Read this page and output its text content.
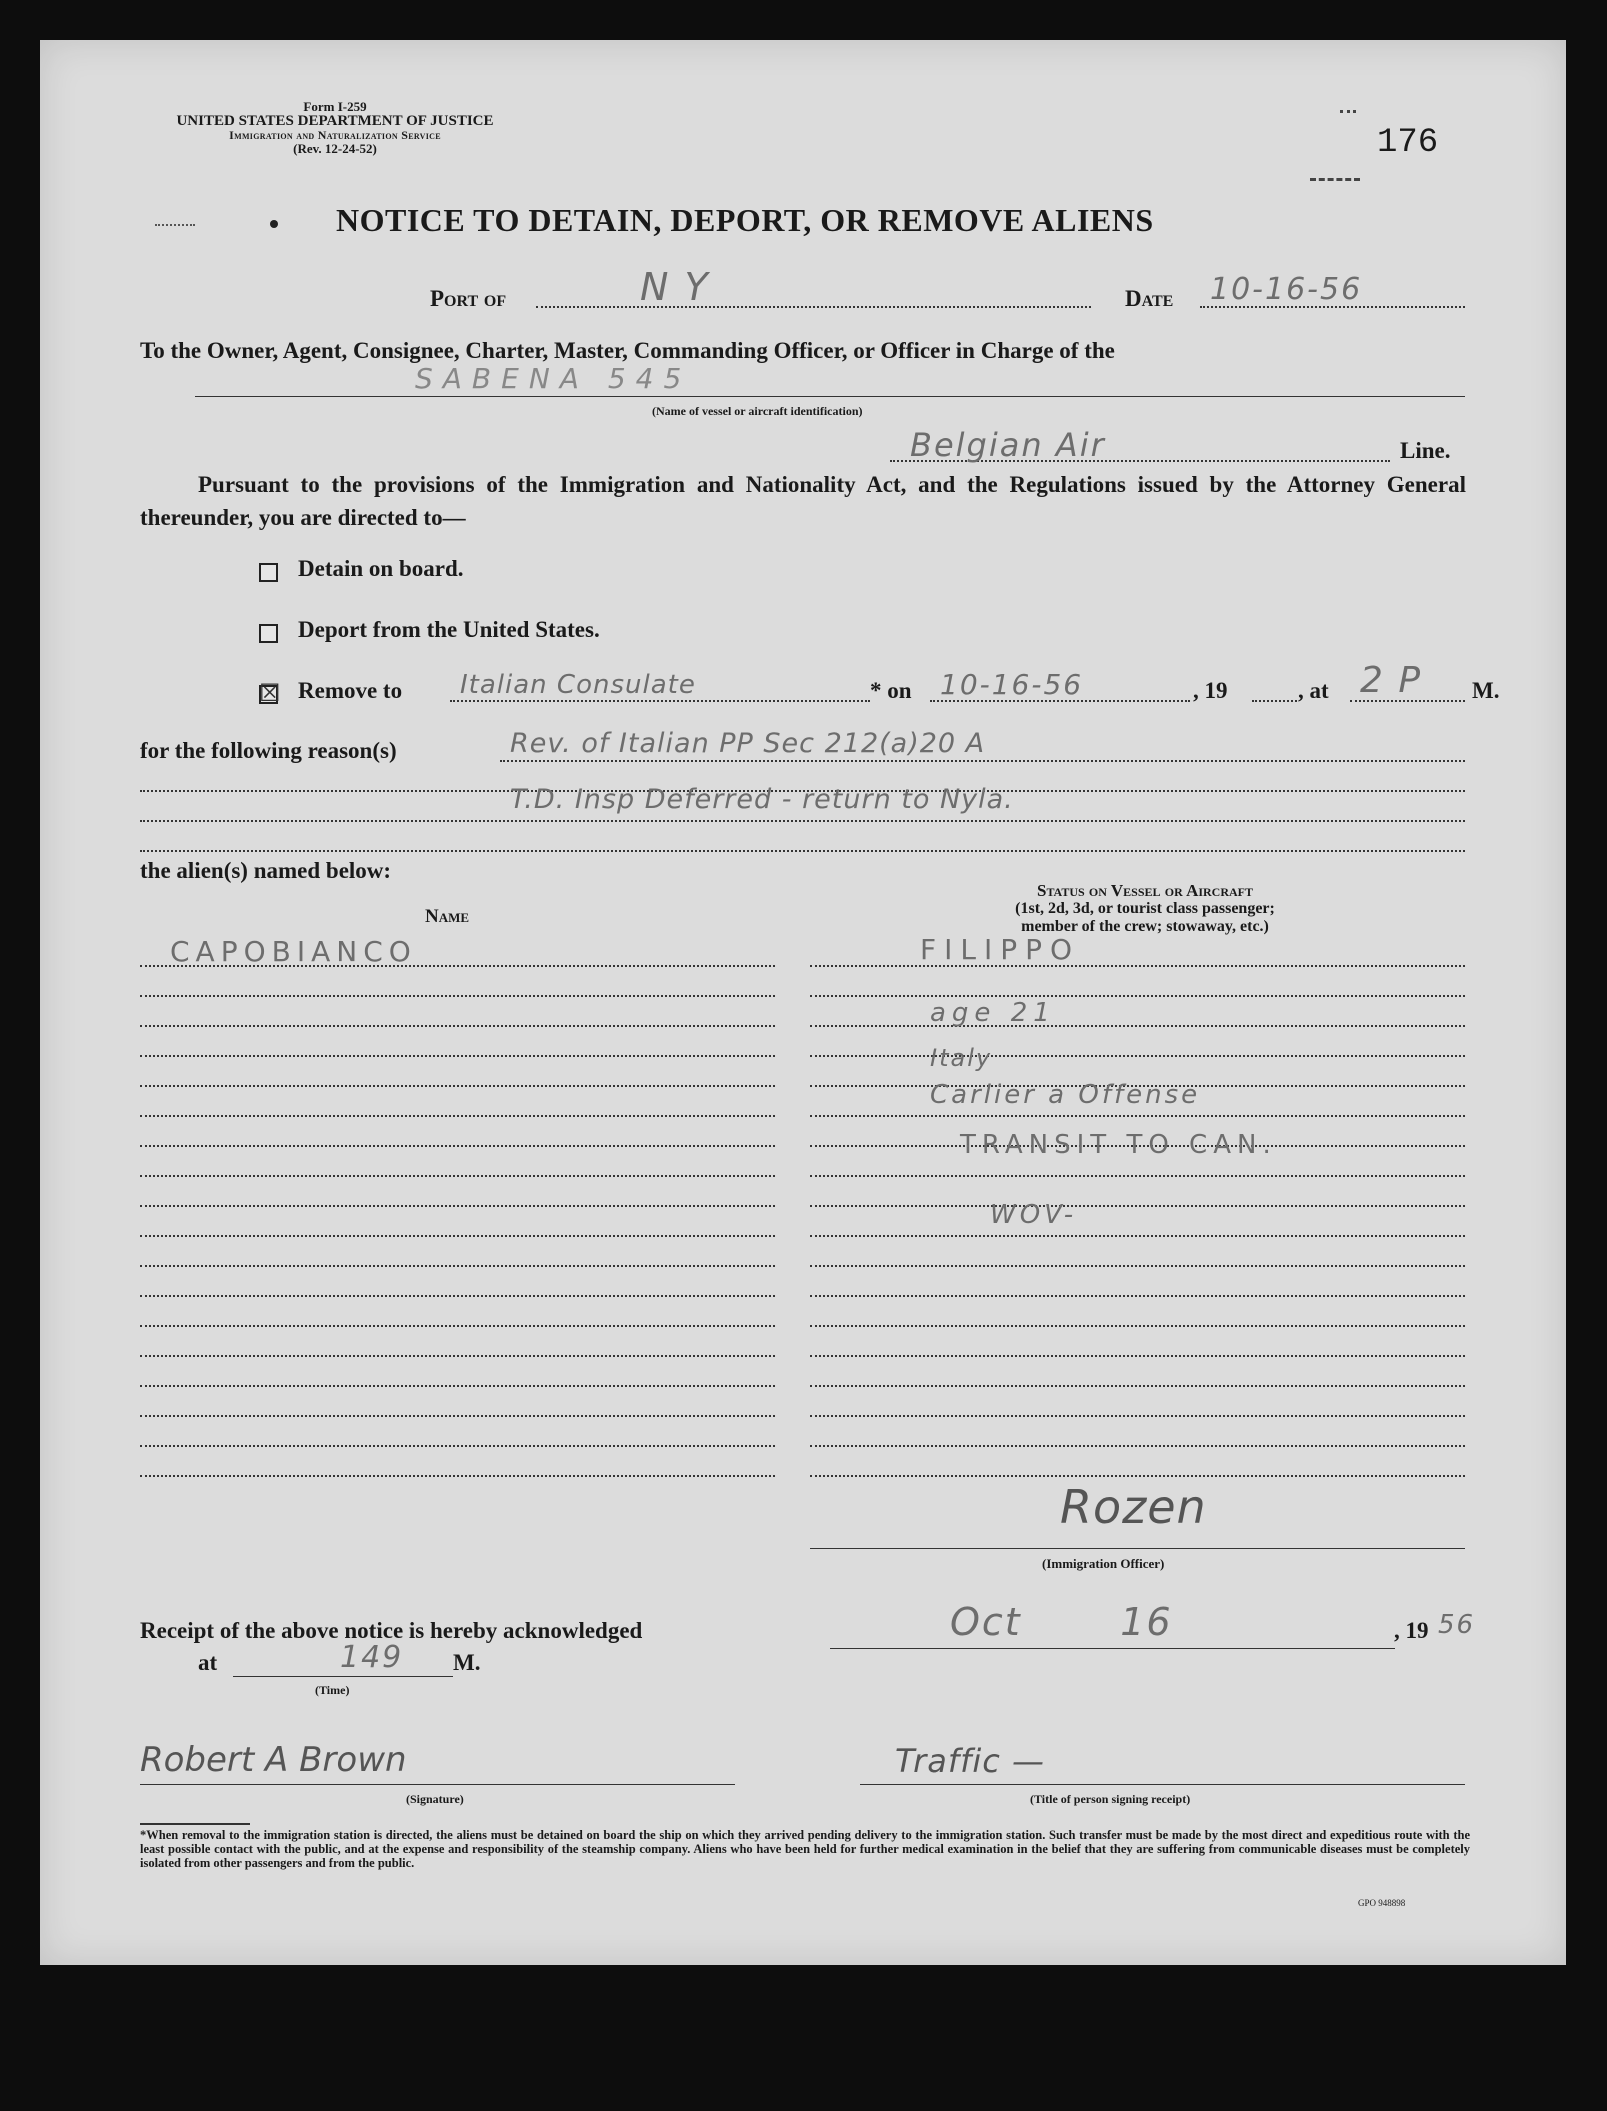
Form I-259
UNITED STATES DEPARTMENT OF JUSTICE
Immigration and Naturalization Service
(Rev. 12-24-52)	176
NOTICE TO DETAIN, DEPORT, OR REMOVE ALIENS
Port of	N Y	Date 10-16-56
To the Owner, Agent, Consignee, Charter, Master, Commanding Officer, or Officer in Charge of the
SABENA 545
(Name of vessel or aircraft identification)
Belgian Air	Line.
Pursuant to the provisions of the Immigration and Nationality Act, and the Regulations issued by the Attorney General thereunder, you are directed to—
Detain on board.
Deport from the United States.
☒ Remove to Italian Consulate	* on 10-16-56	, 19	, at 2 P M.
for the following reason(s)	Rev. of Italian PP Sec 212(a)20 A
T.D. Insp Deferred - return to Nyla.
the alien(s) named below:
Name
Status on Vessel or Aircraft
(1st, 2d, 3d, or tourist class passenger;
member of the crew; stowaway, etc.)
CAPOBIANCO	FILIPPO
age 21
Italy
Carlier a Offense
TRANSIT TO CAN.
WOV-
Rozen
(Immigration Officer)
Receipt of the above notice is hereby acknowledged	Oct       16	, 19 56
at	149 M.
(Time)
Robert A Brown
(Signature)
Traffic —
(Title of person signing receipt)
*When removal to the immigration station is directed, the aliens must be detained on board the ship on which they arrived pending delivery to the immigration station. Such transfer must be made by the most direct and expeditious route with the least possible contact with the public, and at the expense and responsibility of the steamship company. Aliens who have been held for further medical examination in the belief that they are suffering from communicable diseases must be completely isolated from other passengers and from the public.
GPO 948898
